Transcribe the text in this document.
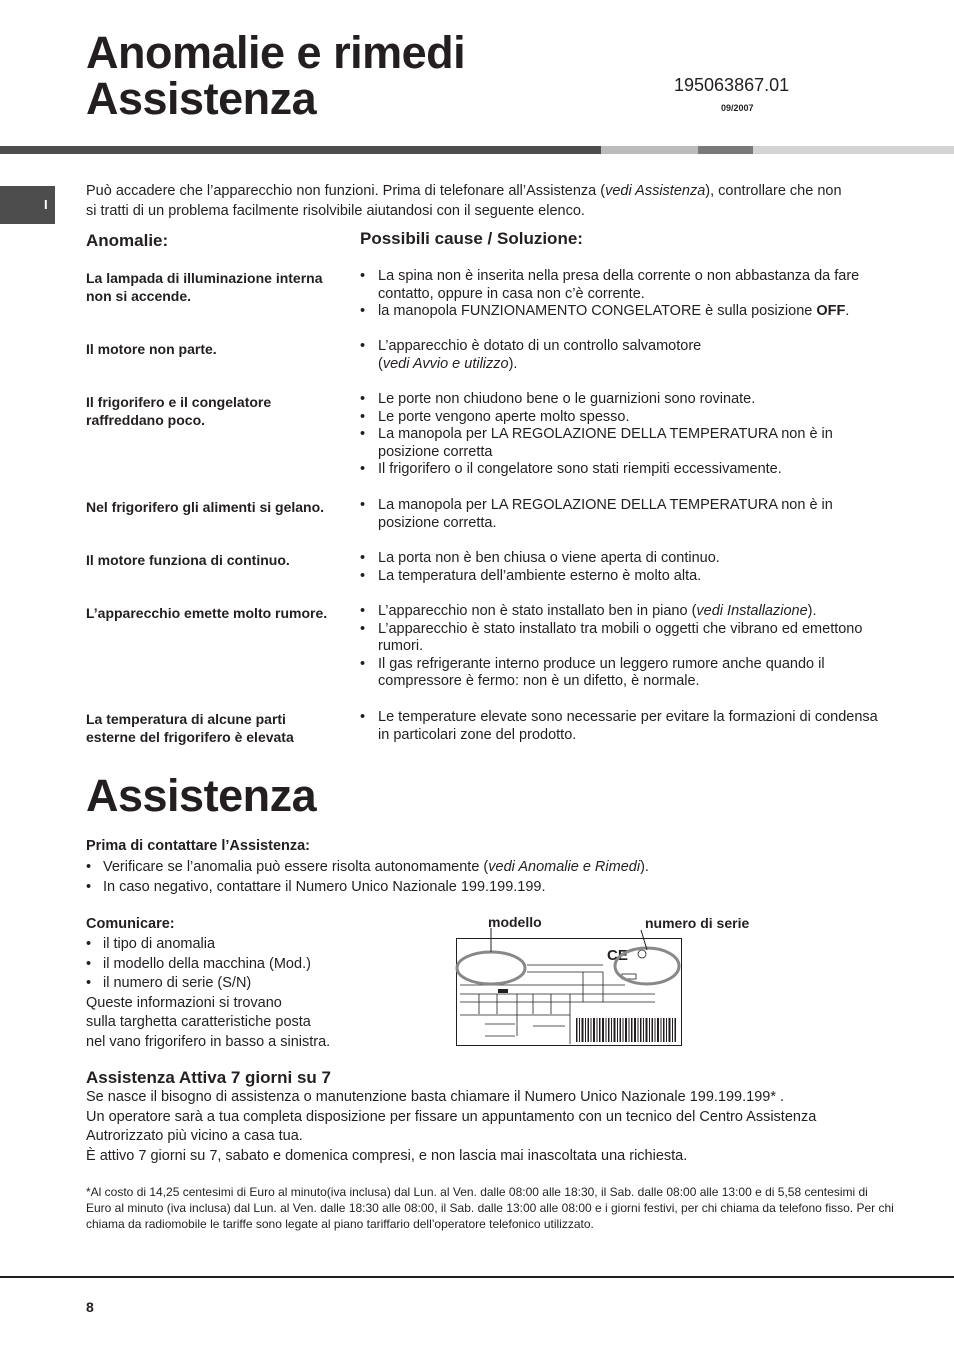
Anomalie e rimedi
Assistenza	195063867.01
09/2007
I
Può accadere che l’apparecchio non funzioni. Prima di telefonare all’Assistenza (vedi Assistenza), controllare che non si tratti di un problema facilmente risolvibile aiutandosi con il seguente elenco.
Anomalie:	Possibili cause / Soluzione:
La lampada di illuminazione interna non si accende.
• La spina non è inserita nella presa della corrente o non abbastanza da fare contatto, oppure in casa non c’è corrente.
• la manopola FUNZIONAMENTO CONGELATORE è sulla posizione OFF.
Il motore non parte.	• L’apparecchio è dotato di un controllo salvamotore
(vedi Avvio e utilizzo).
Il frigorifero e il congelatore raffreddano poco.
• Le porte non chiudono bene o le guarnizioni sono rovinate.
• Le porte vengono aperte molto spesso.
• La manopola per LA REGOLAZIONE DELLA TEMPERATURA non è in posizione corretta
• Il frigorifero o il congelatore sono stati riempiti eccessivamente.
Nel frigorifero gli alimenti si gelano.	• La manopola per LA REGOLAZIONE DELLA TEMPERATURA non è in posizione corretta.
Il motore funziona di continuo.	• La porta non è ben chiusa o viene aperta di continuo.
• La temperatura dell’ambiente esterno è molto alta.
L’apparecchio emette molto rumore.	• L’apparecchio non è stato installato ben in piano (vedi Installazione).
• L’apparecchio è stato installato tra mobili o oggetti che vibrano ed emettono rumori.
• Il gas refrigerante interno produce un leggero rumore anche quando il compressore è fermo: non è un difetto, è normale.
La temperatura di alcune parti esterne del frigorifero è elevata
• Le temperature elevate sono necessarie per evitare la formazioni di condensa in particolari zone del prodotto.
Assistenza
Prima di contattare l’Assistenza:
• Verificare se l’anomalia può essere risolta autonomamente (vedi Anomalie e Rimedi).
• In caso negativo, contattare il Numero Unico Nazionale 199.199.199.
Comunicare:
• il tipo di anomalia
• il modello della macchina (Mod.)
• il numero di serie (S/N)
Queste informazioni si trovano
sulla targhetta caratteristiche posta
nel vano frigorifero in basso a sinistra.
modello	numero di serie
CE
Assistenza Attiva 7 giorni su 7
Se nasce il bisogno di assistenza o manutenzione basta chiamare il Numero Unico Nazionale 199.199.199* .
Un operatore sarà a tua completa disposizione per fissare un appuntamento con un tecnico del Centro Assistenza Autrorizzato più vicino a casa tua.
È attivo 7 giorni su 7, sabato e domenica compresi, e non lascia mai inascoltata una richiesta.
*Al costo di 14,25 centesimi di Euro al minuto(iva inclusa) dal Lun. al Ven. dalle 08:00 alle 18:30, il Sab. dalle 08:00 alle 13:00 e di 5,58 centesimi di Euro al minuto (iva inclusa) dal Lun. al Ven. dalle 18:30 alle 08:00, il Sab. dalle 13:00 alle 08:00 e i giorni festivi, per chi chiama da telefono fisso. Per chi chiama da radiomobile le tariffe sono legate al piano tariffario dell’operatore telefonico utilizzato.
8
